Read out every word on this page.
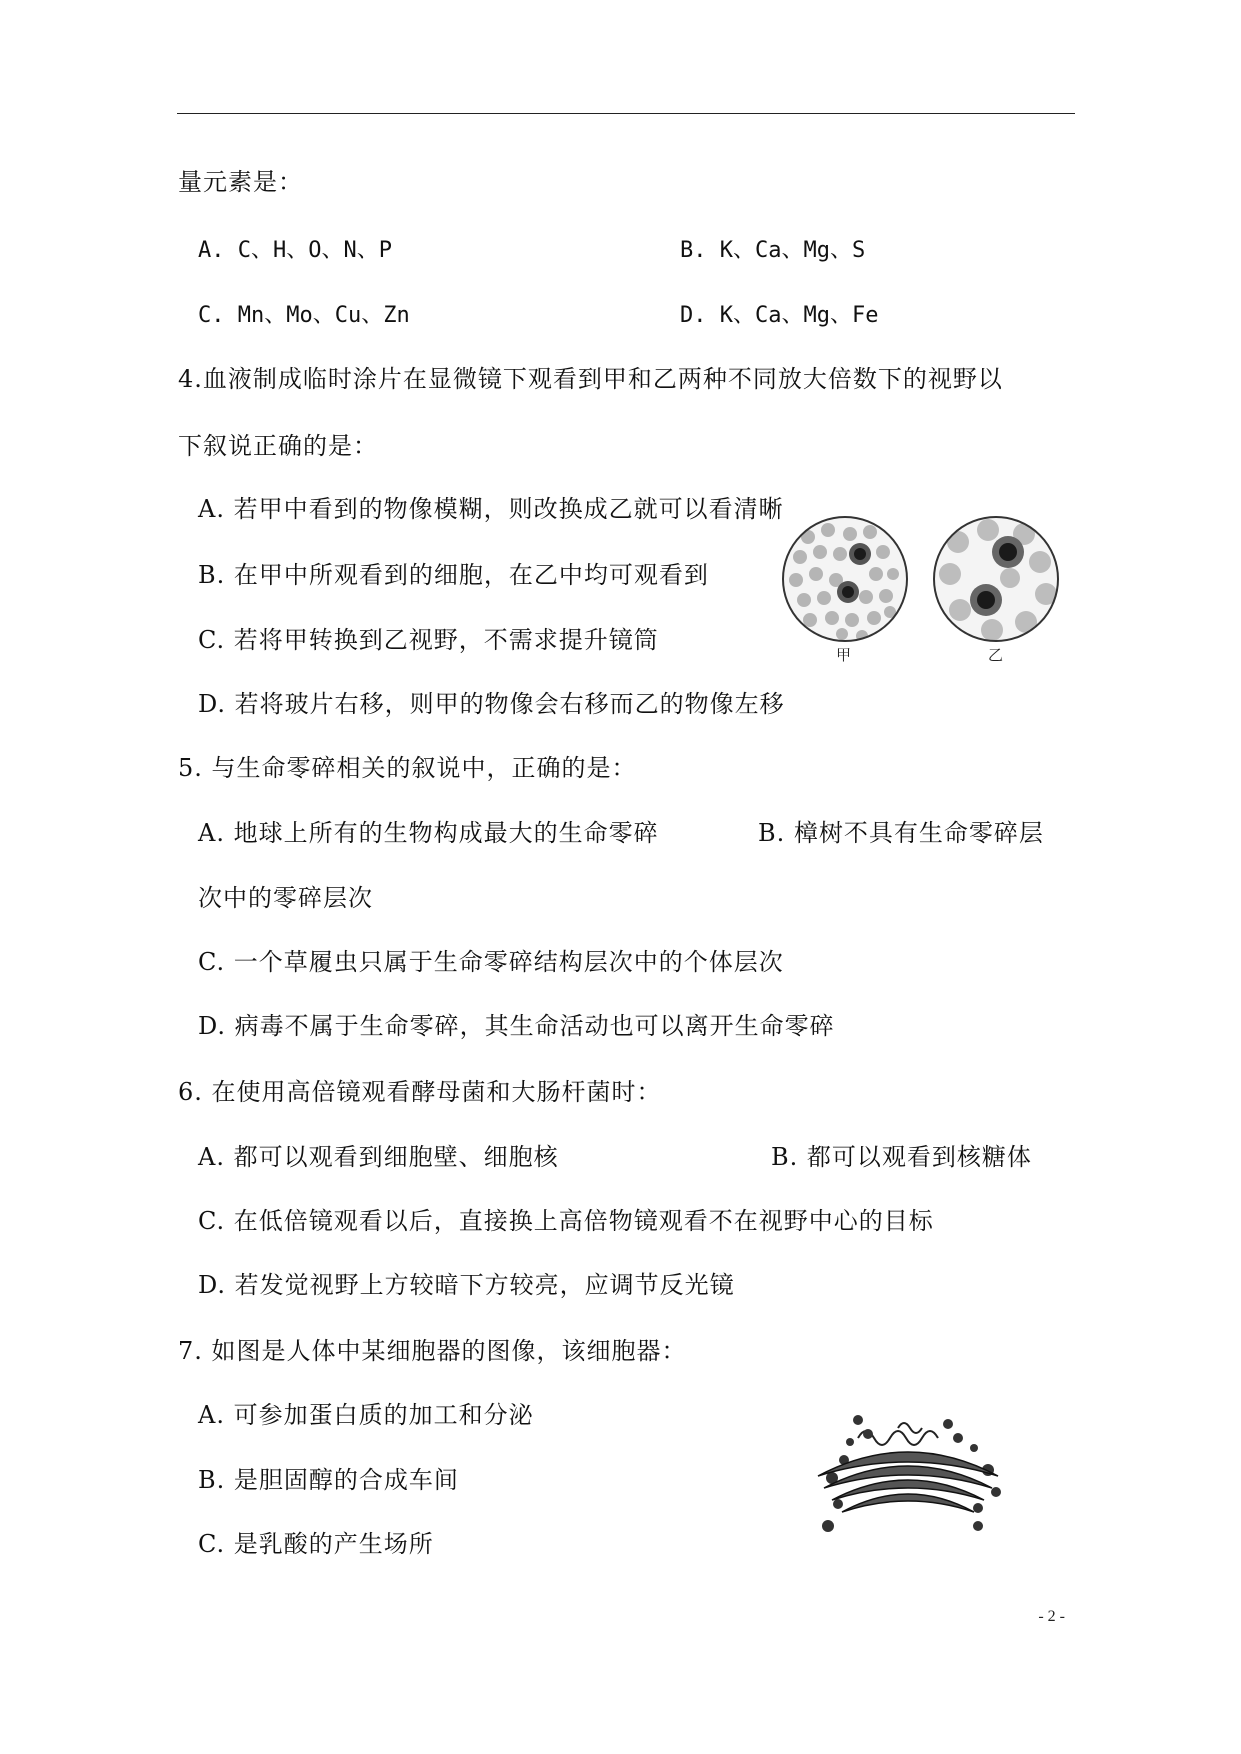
量元素是：
A. C、H、O、N、P	B. K、Ca、Mg、S
C. Mn、Mo、Cu、Zn	D. K、Ca、Mg、Fe
4.血液制成临时涂片在显微镜下观看到甲和乙两种不同放大倍数下的视野以
下叙说正确的是：
A. 若甲中看到的物像模糊，则改换成乙就可以看清晰
B. 在甲中所观看到的细胞，在乙中均可观看到
C. 若将甲转换到乙视野，不需求提升镜筒
D. 若将玻片右移，则甲的物像会右移而乙的物像左移
甲	乙
5. 与生命零碎相关的叙说中，正确的是：
A. 地球上所有的生物构成最大的生命零碎	B. 樟树不具有生命零碎层
次中的零碎层次
C. 一个草履虫只属于生命零碎结构层次中的个体层次
D. 病毒不属于生命零碎，其生命活动也可以离开生命零碎
6. 在使用高倍镜观看酵母菌和大肠杆菌时：
A. 都可以观看到细胞壁、细胞核	B. 都可以观看到核糖体
C. 在低倍镜观看以后，直接换上高倍物镜观看不在视野中心的目标
D. 若发觉视野上方较暗下方较亮，应调节反光镜
7. 如图是人体中某细胞器的图像，该细胞器：
A. 可参加蛋白质的加工和分泌
B. 是胆固醇的合成车间
C. 是乳酸的产生场所
- 2 -
